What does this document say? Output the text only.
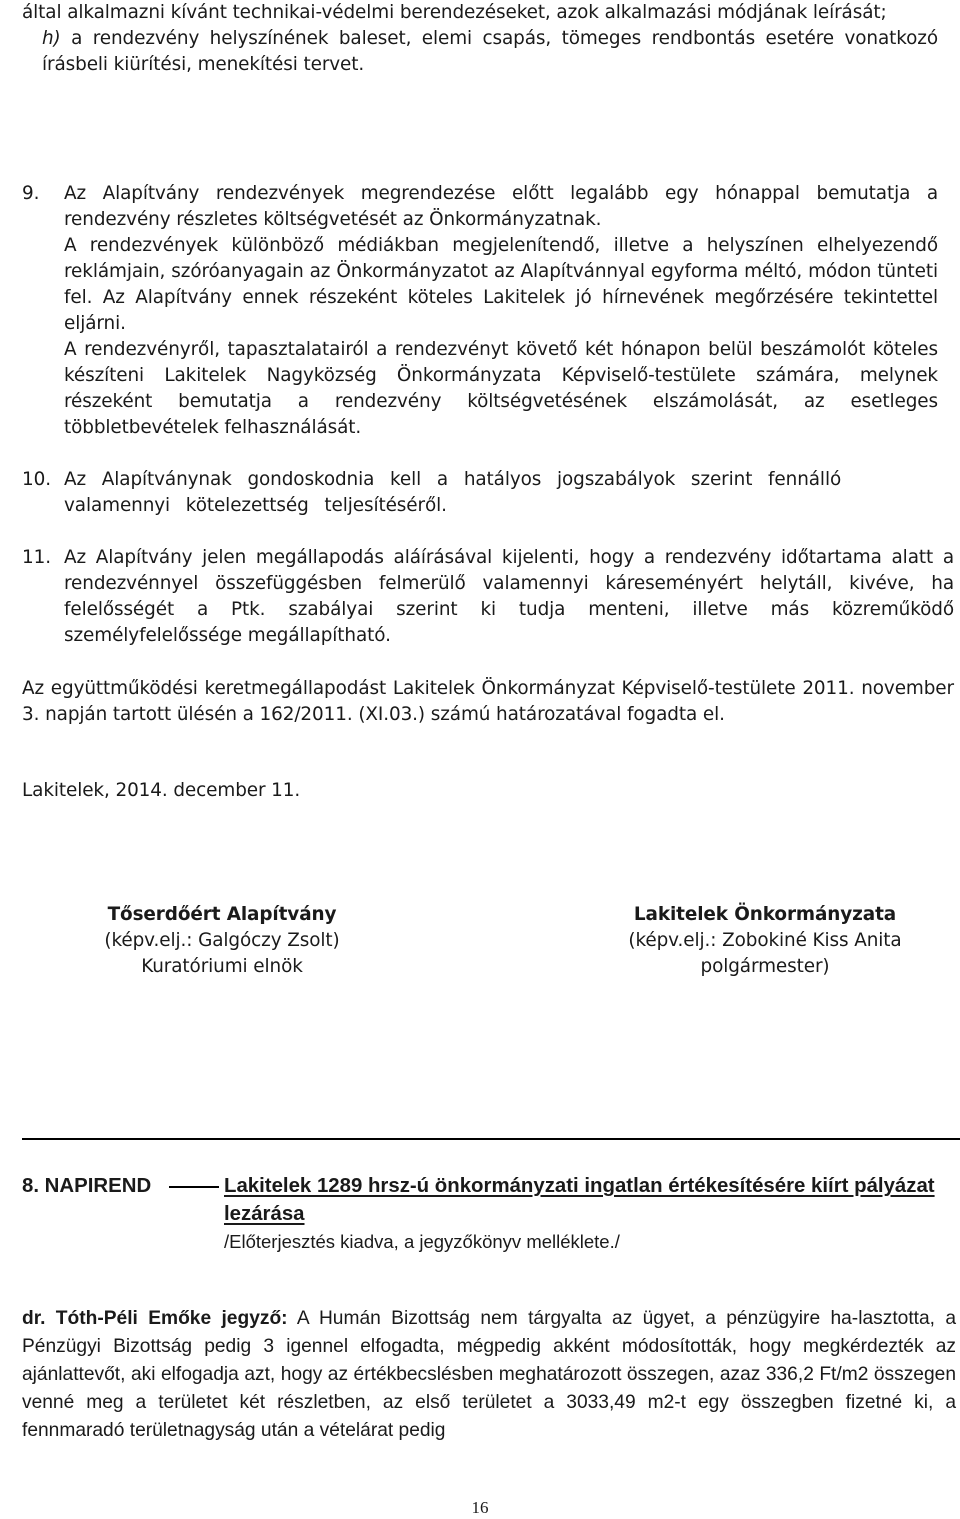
által alkalmazni kívánt technikai-védelmi berendezéseket, azok alkalmazási módjának leírását;

h) a rendezvény helyszínének baleset, elemi csapás, tömeges rendbontás esetére vonatkozó írásbeli kiürítési, menekítési tervet.

9. Az Alapítvány rendezvények megrendezése előtt legalább egy hónappal bemutatja a rendezvény részletes költségvetését az Önkormányzatnak.

A rendezvények különböző médiákban megjelenítendő, illetve a helyszínen elhelyezendő reklámjain, szóróanyagain az Önkormányzatot az Alapítvánnyal egyforma méltó, módon tünteti fel. Az Alapítvány ennek részeként köteles Lakitelek jó hírnevének megőrzésére tekintettel eljárni.

A rendezvényről, tapasztalatairól a rendezvényt követő két hónapon belül beszámolót köteles készíteni Lakitelek Nagyközség Önkormányzata Képviselő-testülete számára, melynek részeként bemutatja a rendezvény költségvetésének elszámolását, az esetleges többletbevételek felhasználását.

10. Az Alapítványnak gondoskodnia kell a hatályos jogszabályok szerint fennálló valamennyi kötelezettség teljesítéséről.

11. Az Alapítvány jelen megállapodás aláírásával kijelenti, hogy a rendezvény időtartama alatt a rendezvénnyel összefüggésben felmerülő valamennyi káreseményért helytáll, kivéve, ha felelősségét a Ptk. szabályai szerint ki tudja menteni, illetve más közreműködő személyfelelőssége megállapítható.

Az együttműködési keretmegállapodást Lakitelek Önkormányzat Képviselő-testülete 2011. november 3. napján tartott ülésén a 162/2011. (XI.03.) számú határozatával fogadta el.

Lakitelek, 2014. december 11.

Tőserdőért Alapítvány
(képv.elj.: Galgóczy Zsolt)
Kuratóriumi elnök
Lakitelek Önkormányzata
(képv.elj.: Zobokiné Kiss Anita
polgármester)
8. NAPIREND	Lakitelek 1289 hrsz-ú önkormányzati ingatlan értékesítésére kiírt pályázat lezárása

/Előterjesztés kiadva, a jegyzőkönyv melléklete./

dr. Tóth-Péli Emőke jegyző: A Humán Bizottság nem tárgyalta az ügyet, a pénzügyire ha-lasztotta, a Pénzügyi Bizottság pedig 3 igennel elfogadta, mégpedig akként módosították, hogy megkérdezték az ajánlattevőt, aki elfogadja azt, hogy az értékbecslésben meghatározott összegen, azaz 336,2 Ft/m2 összegen venné meg a területet két részletben, az első területet a 3033,49 m2-t egy összegben fizetné ki, a fennmaradó területnagyság után a vételárat pedig

16
